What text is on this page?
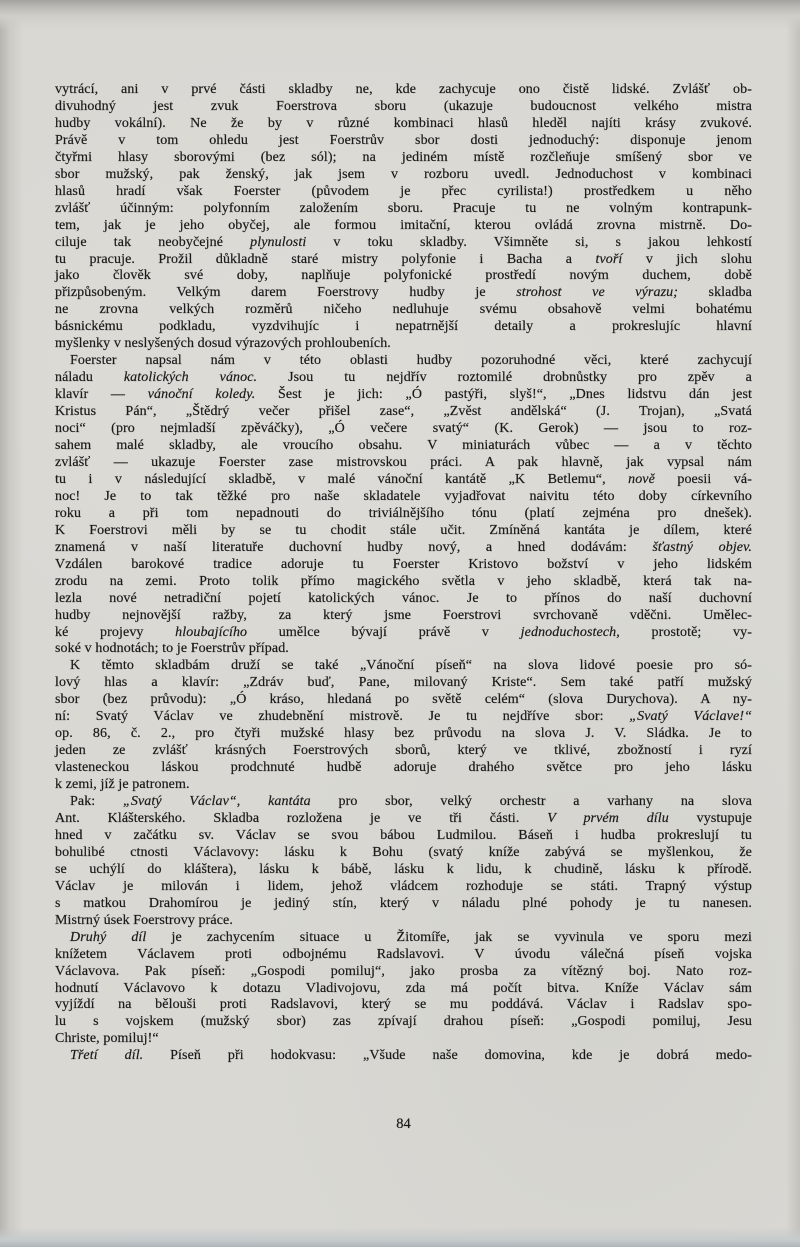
vytrácí, ani v prvé části skladby ne, kde zachycuje ono čistě lidské. Zvlášť ob-
divuhodný jest zvuk Foerstrova sboru (ukazuje budoucnost velkého mistra
hudby vokální). Ne že by v různé kombinaci hlasů hleděl najíti krásy zvukové.
Právě v tom ohledu jest Foerstrův sbor dosti jednoduchý: disponuje jenom
čtyřmi hlasy sborovými (bez sól); na jediném místě rozčleňuje smíšený sbor ve
sbor mužský, pak ženský, jak jsem v rozboru uvedl. Jednoduchost v kombinaci
hlasů hradí však Foerster (původem je přec cyrilista!) prostředkem u něho
zvlášť účinným: polyfonním založením sboru. Pracuje tu ne volným kontrapunk-
tem, jak je jeho obyčej, ale formou imitační, kterou ovládá zrovna mistrně. Do-
ciluje tak neobyčejné plynulosti v toku skladby. Všimněte si, s jakou lehkostí
tu pracuje. Prožil důkladně staré mistry polyfonie i Bacha a tvoří v jich slohu
jako člověk své doby, naplňuje polyfonické prostředí novým duchem, době
přizpůsobeným. Velkým darem Foerstrovy hudby je strohost ve výrazu; skladba
ne zrovna velkých rozměrů ničeho nedluhuje svému obsahově velmi bohatému
básnickému podkladu, vyzdvihujíc i nepatrnější detaily a prokreslujíc hlavní
myšlenky v neslyšených dosud výrazových prohloubeních.
Foerster napsal nám v této oblasti hudby pozoruhodné věci, které zachycují
náladu katolických vánoc. Jsou tu nejdřív roztomilé drobnůstky pro zpěv a
klavír — vánoční koledy. Šest je jich: „Ó pastýři, slyš!“, „Dnes lidstvu dán jest
Kristus Pán“, „Štědrý večer přišel zase“, „Zvěst andělská“ (J. Trojan), „Svatá
noci“ (pro nejmladší zpěváčky), „Ó večere svatý“ (K. Gerok) — jsou to roz-
sahem malé skladby, ale vroucího obsahu. V miniaturách vůbec — a v těchto
zvlášť — ukazuje Foerster zase mistrovskou práci. A pak hlavně, jak vypsal nám
tu i v následující skladbě, v malé vánoční kantátě „K Betlemu“, nově poesii vá-
noc! Je to tak těžké pro naše skladatele vyjadřovat naivitu této doby církevního
roku a při tom nepadnouti do triviálnějšího tónu (platí zejména pro dnešek).
K Foerstrovi měli by se tu chodit stále učit. Zmíněná kantáta je dílem, které
znamená v naší literatuře duchovní hudby nový, a hned dodávám: šťastný objev.
Vzdálen barokové tradice adoruje tu Foerster Kristovo božství v jeho lidském
zrodu na zemi. Proto tolik přímo magického světla v jeho skladbě, která tak na-
lezla nové netradiční pojetí katolických vánoc. Je to přínos do naší duchovní
hudby nejnovější ražby, za který jsme Foerstrovi svrchovaně vděčni. Umělec-
ké projevy hloubajícího umělce bývají právě v jednoduchostech, prostotě; vy-
soké v hodnotách; to je Foerstrův případ.
K těmto skladbám druží se také „Vánoční píseň“ na slova lidové poesie pro só-
lový hlas a klavír: „Zdráv buď, Pane, milovaný Kriste“. Sem také patří mužský
sbor (bez průvodu): „Ó kráso, hledaná po světě celém“ (slova Durychova). A ny-
ní: Svatý Václav ve zhudebnění mistrově. Je tu nejdříve sbor: „Svatý Václave!“
op. 86, č. 2., pro čtyři mužské hlasy bez průvodu na slova J. V. Sládka. Je to
jeden ze zvlášť krásných Foerstrových sborů, který ve tklivé, zbožností i ryzí
vlasteneckou láskou prodchnuté hudbě adoruje drahého světce pro jeho lásku
k zemi, jíž je patronem.
Pak: „Svatý Václav“, kantáta pro sbor, velký orchestr a varhany na slova
Ant. Klášterského. Skladba rozložena je ve tři části. V prvém dílu vystupuje
hned v začátku sv. Václav se svou bábou Ludmilou. Báseň i hudba prokreslují tu
bohulibé ctnosti Václavovy: lásku k Bohu (svatý kníže zabývá se myšlenkou, že
se uchýlí do kláštera), lásku k bábě, lásku k lidu, k chudině, lásku k přírodě.
Václav je milován i lidem, jehož vládcem rozhoduje se státi. Trapný výstup
s matkou Drahomírou je jediný stín, který v náladu plné pohody je tu nanesen.
Mistrný úsek Foerstrovy práce.
Druhý díl je zachycením situace u Žitomíře, jak se vyvinula ve sporu mezi
knížetem Václavem proti odbojnému Radslavovi. V úvodu válečná píseň vojska
Václavova. Pak píseň: „Gospodi pomiluj“, jako prosba za vítězný boj. Nato roz-
hodnutí Václavovo k dotazu Vladivojovu, zda má počít bitva. Kníže Václav sám
vyjíždí na bělouši proti Radslavovi, který se mu poddává. Václav i Radslav spo-
lu s vojskem (mužský sbor) zas zpívají drahou píseň: „Gospodi pomiluj, Jesu
Christe, pomiluj!“
Třetí díl. Píseň při hodokvasu: „Všude naše domovina, kde je dobrá medo-
84
